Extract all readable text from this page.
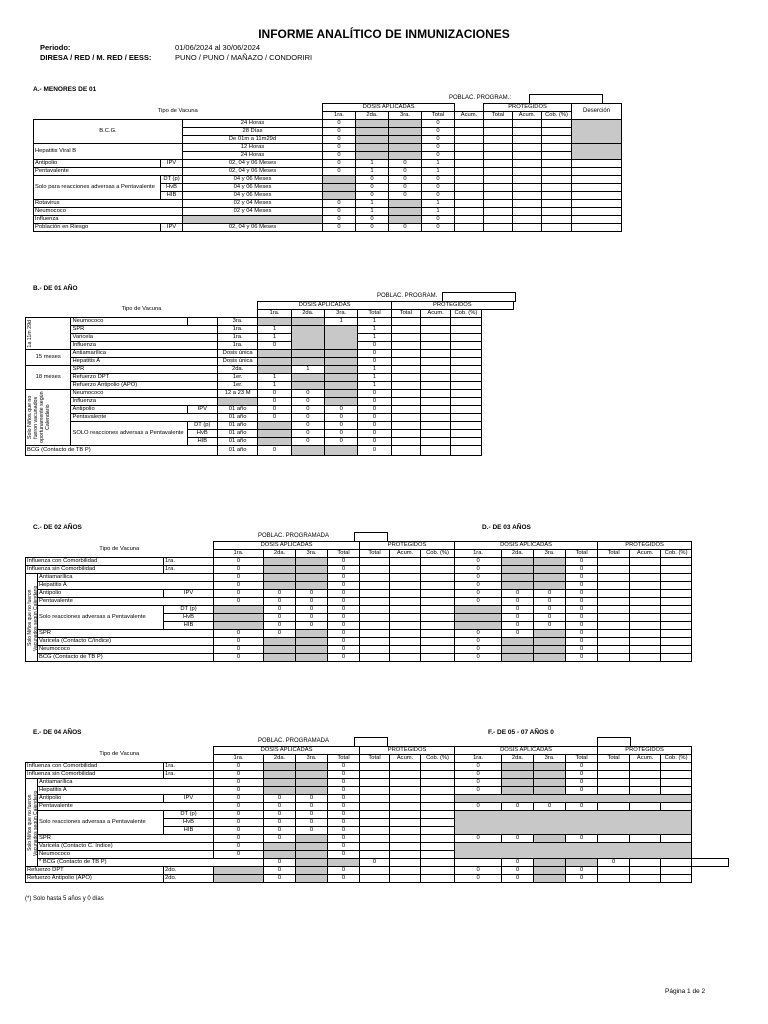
INFORME ANALÍTICO DE INMUNIZACIONES
Periodo:	01/06/2024 al 30/06/2024
DIRESA / RED / M. RED / EESS:	PUNO / PUNO / MAÑAZO / CONDORIRI
A.- MENORES DE 01
POBLAC. PROGRAM.:
Tipo de Vacuna			DOSIS APLICADAS					PROTEGIDOS			Deserción
			1ra.	2da.	3ra.	Total	Acum.	Total	Acum.	Cob. (%)	
B.C.G.		24 Horas	0			0					
		28 Días	0			0					
		De 01m a 11m29d	0			0					
Hepatitis Viral B		12 Horas	0			0					
		24 Horas	0			0					
Antipolio	IPV	02, 04 y 06 Meses	0	1	0	1					
Pentavalente		02, 04 y 06 Meses	0	1	0	1					
Solo para reacciones adversas a Pentavalente	DT (p)	04 y 06 Meses		0	0	0					
	HvB	04 y 06 Meses		0	0	0					
	HIB	04 y 06 Meses		0	0	0					
Rotavirus		02 y 04 Meses	0	1		1					
Neumococo		02 y 04 Meses	0	1		1					
Influenza			0	0		0					
Población en Riesgo	IPV	02, 04 y 06 Meses	0	0	0	0					
B.- DE 01 AÑO
POBLAC. PROGRAM.
Tipo de Vacuna				DOSIS APLICADAS				PROTEGIDOS			
				1ra.	2da.	3ra.	Total	Total	Acum.	Cob. (%)	

1a 11m 29d	Neumococo		3ra.			1	1				
	SPR		1ra.	1			1				
	Varicela		1ra.	1			1				
	Influenza		1ra.	0			0				
15 meses	Antiamarílica		Dosis única				0				
	Hepatitis A		Dosis única				0				
18 meses	SPR		2da.		1		1				
	Refuerzo DPT		1er.	1			1				
	Refuerzo Antipolio (APO)		1er.	1			1				

Solo Niños que no fueron vacunados oportunamente según Calendario	Neumococo		12 a 23 M	0	0		0				
	Influenza			0	0		0				
	Antipolio	IPV	01 año	0	0	0	0				
	Pentavalente		01 año	0	0	0	0				
	SOLO reacciones adversas a Pentavalente	DT (p)	01 año		0	0	0				
		HvB	01 año		0	0	0				
		HIB	01 año		0	0	0				
BCG (Contacto de TB P)			01 año	0			0				
C.- DE 02 AÑOS	D.- DE 03 AÑOS
POBLAC. PROGRAMADA
Tipo de Vacuna			DOSIS APLICADAS				PROTEGIDOS			DOSIS APLICADAS				PROTEGIDOS		
			1ra.	2da.	3ra.	Total	Total	Acum.	Cob. (%)	1ra.	2da.	3ra.	Total	Total	Acum.	Cob. (%)
Influenza con Comorbilidad		1ra.	0			0				0			0			
Influenza sin Comorbilidad		1ra.	0			0				0			0			

Solo Niños que no fueron Vacunados según Calendario	Antiamarílica		0			0				0			0			
	Hepatitis A		0			0				0			0			
	Antipolio	IPV	0	0	0	0				0	0	0	0			
	Pentavalente		0	0	0	0				0	0	0	0			
	Solo reacciones adversas a Pentavalente	DT (p)		0	0	0					0	0	0			
		HvB		0	0	0					0	0	0			
		HIB		0	0	0					0	0	0			
	SPR		0	0		0				0	0		0			
	Varicela (Contacto C/índice)		0			0				0			0			
	Neumococo		0			0				0			0			
	BCG (Contacto de TB P)		0			0				0			0			
E.- DE 04 AÑOS	F.- DE 05 - 07 AÑOS 0
POBLAC. PROGRAMADA
Tipo de Vacuna			DOSIS APLICADAS				PROTEGIDOS			DOSIS APLICADAS				PROTEGIDOS			
			1ra.	2da.	3ra.	Total	Total	Acum.	Cob. (%)	1ra.	2da.	3ra.	Total	Total	Acum.	Cob. (%)	
Influenza con Comorbilidad		1ra.	0			0				0			0				
Influenza sin Comorbilidad		1ra.	0			0				0			0				

Solo Niños que no fueron Vacunados según Calendario	Antiamarílica		0			0				0			0				
	Hepatitis A		0			0				0			0				
	Antipolio	IPV	0	0	0	0											
	Pentavalente		0	0	0	0				0	0	0	0				
	Solo reacciones adversas a Pentavalente	DT (p)	0	0	0	0											
		HvB	0	0	0	0											
		HIB	0	0	0	0											
	SPR		0	0		0				0	0		0				
	Varicela (Contacto C. índice)		0			0											
	Neumococo		0			0											
	* BCG (Contacto de TB P)			0			0				0			0			
Refuerzo DPT		2do.		0		0				0	0		0				
Refuerzo Antipolio (APO)		2do.		0		0				0	0		0				
(*) Solo hasta 5 años y 0 días
Página 1 de 2
